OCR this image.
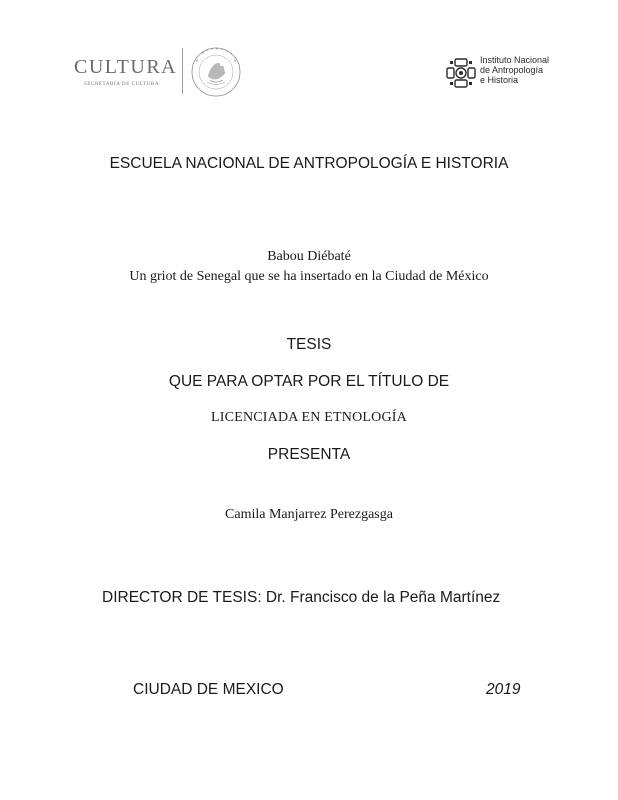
CULTURA
SECRETARÍA DE CULTURA
Instituto Nacional
de Antropología
e Historia
ESCUELA NACIONAL DE ANTROPOLOGÍA E HISTORIA
Babou Diébaté
Un griot de Senegal que se ha insertado en la Ciudad de México
TESIS
QUE PARA OPTAR POR EL TÍTULO DE
LICENCIADA EN ETNOLOGÍA
PRESENTA
Camila Manjarrez Perezgasga
DIRECTOR DE TESIS: Dr. Francisco de la Peña Martínez
CIUDAD DE MEXICO	2019
